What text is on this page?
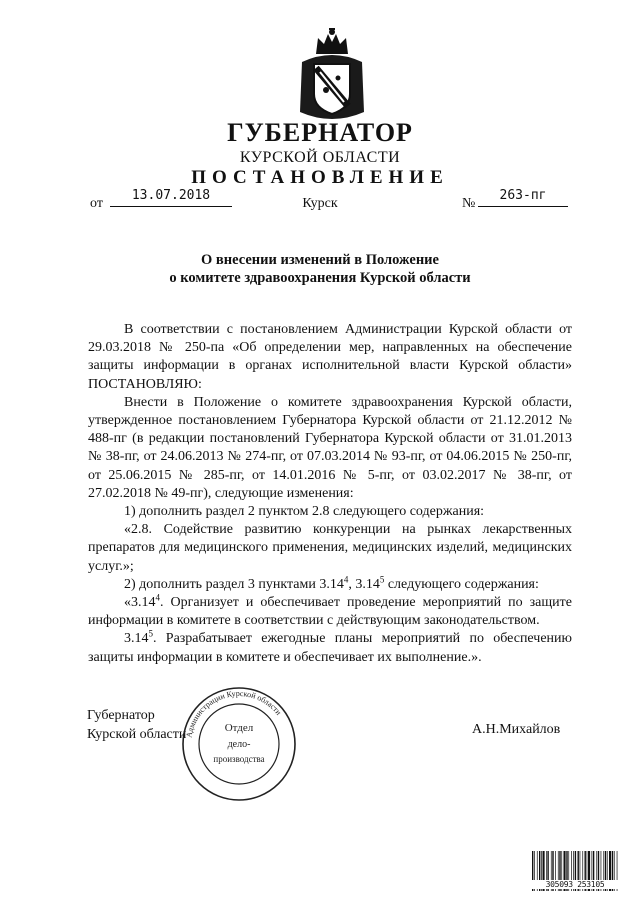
ГУБЕРНАТОР
КУРСКОЙ ОБЛАСТИ
ПОСТАНОВЛЕНИЕ
от
13.07.2018
Курск	№
263-пг
О внесении изменений в Положение
о комитете здравоохранения Курской области

В соответствии с постановлением Администрации Курской области от 29.03.2018 № 250-па «Об определении мер, направленных на обеспечение защиты информации в органах исполнительной власти Курской области» ПОСТАНОВЛЯЮ:

Внести в Положение о комитете здравоохранения Курской области, утвержденное постановлением Губернатора Курской области от 21.12.2012 № 488-пг (в редакции постановлений Губернатора Курской области от 31.01.2013 № 38-пг, от 24.06.2013 № 274-пг, от 07.03.2014 № 93-пг, от 04.06.2015 № 250-пг, от 25.06.2015 № 285-пг, от 14.01.2016 № 5-пг, от 03.02.2017 № 38-пг, от 27.02.2018 № 49-пг), следующие изменения:

1) дополнить раздел 2 пунктом 2.8 следующего содержания:

«2.8. Содействие развитию конкуренции на рынках лекарственных препаратов для медицинского применения, медицинских изделий, медицинских услуг.»;

2) дополнить раздел 3 пунктами 3.14$^4$, 3.14$^5$ следующего содержания:

«3.14$^4$. Организует и обеспечивает проведение мероприятий по защите информации в комитете в соответствии с действующим законодательством.

3.14$^5$. Разрабатывает ежегодные планы мероприятий по обеспечению защиты информации в комитете и обеспечивает их выполнение.».

Губернатор
Курской области	А.Н.Михайлов
Администрации Курской области
Отдел
дело-
производства
305093 253105
